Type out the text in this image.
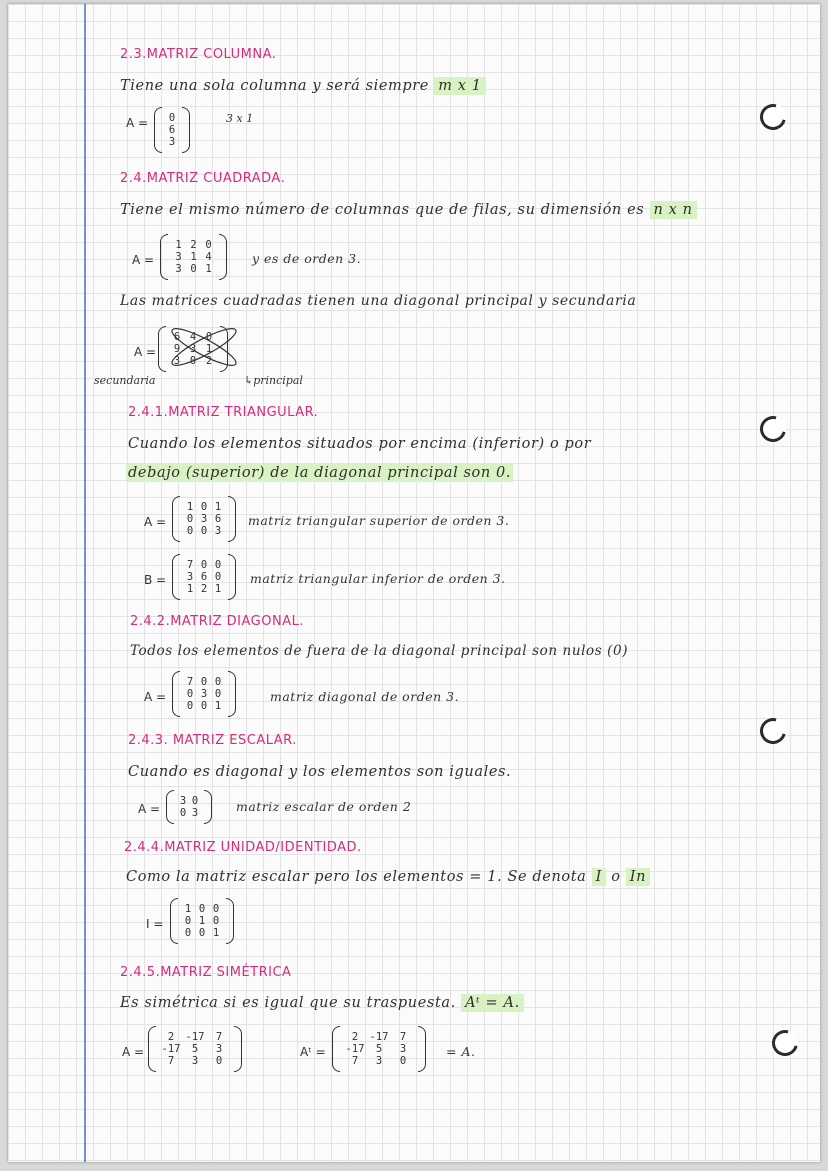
2.3.MATRIZ COLUMNA.
Tiene una sola columna y será siempre m x 1
A =	0
6
3
3 x 1
2.4.MATRIZ CUADRADA.
Tiene el mismo número de columnas que de filas, su dimensión es n x n
A =
1 2 0
3 1 4
3 0 1
y es de orden 3.
Las matrices cuadradas tienen una diagonal principal y secundaria
A =
6 4 0
9 3 1
3 0 2
secundaria	↳principal
2.4.1.MATRIZ TRIANGULAR.
Cuando los elementos situados por encima (inferior) o por
debajo (superior) de la diagonal principal son 0.
A =
1 0 1
0 3 6
0 0 3
matriz triangular superior de orden 3.
B =
7 0 0
3 6 0
1 2 1
matriz triangular inferior de orden 3.
2.4.2.MATRIZ DIAGONAL.
Todos los elementos de fuera de la diagonal principal son nulos (0)
A =
7 0 0
0 3 0
0 0 1
matriz diagonal de orden 3.
2.4.3. MATRIZ ESCALAR.
Cuando es diagonal y los elementos son iguales.
A =
3 0
0 3	matriz escalar de orden 2
2.4.4.MATRIZ UNIDAD/IDENTIDAD.
Como la matriz escalar pero los elementos = 1. Se denota I o In
I =
1 0 0
0 1 0
0 0 1
2.4.5.MATRIZ SIMÉTRICA
Es simétrica si es igual que su traspuesta. Aᵗ = A.
A =
2	-17	7
-17	5	3
7	3	0
Aᵗ =
2	-17	7
-17	5	3
7	3	0
= A.
